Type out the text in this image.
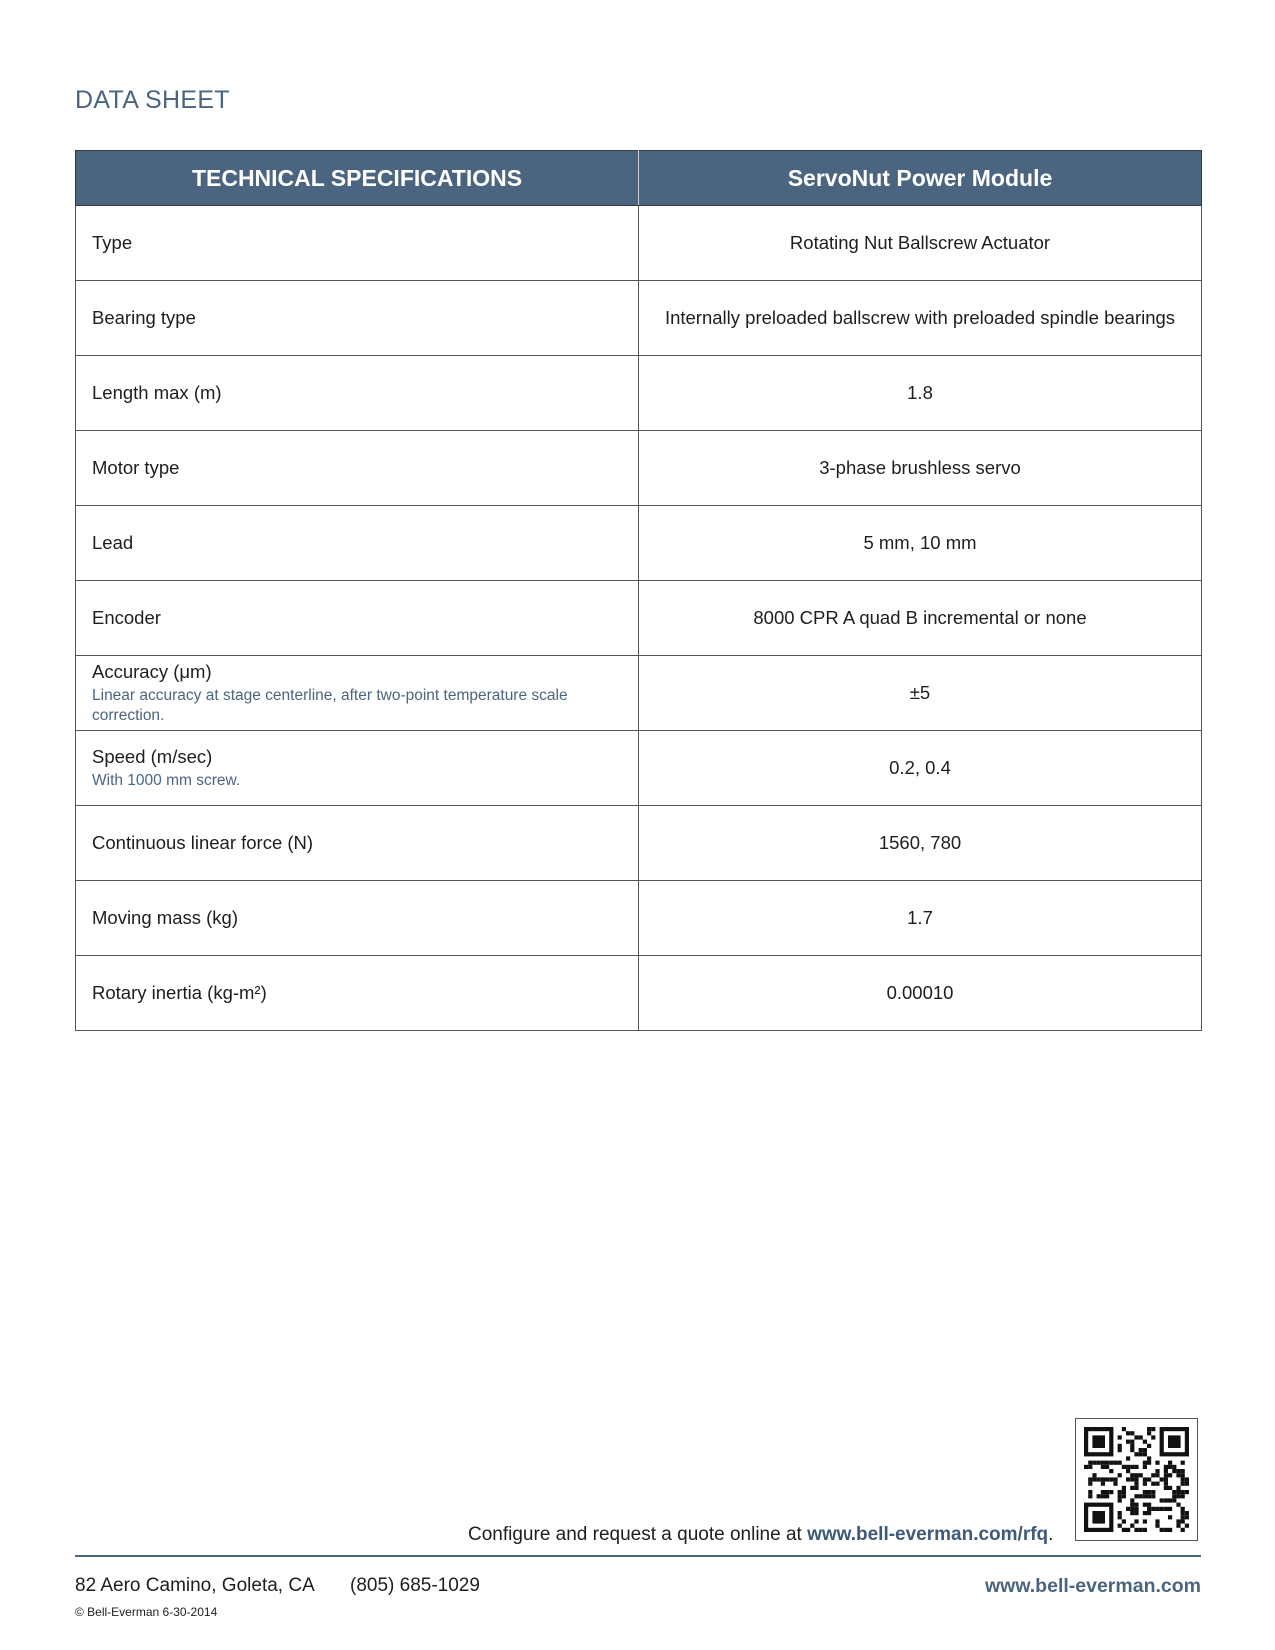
DATA SHEET
TECHNICAL SPECIFICATIONS	ServoNut Power Module
Type	Rotating Nut Ballscrew Actuator
Bearing type	Internally preloaded ballscrew with preloaded spindle bearings
Length max (m)	1.8
Motor type	3-phase brushless servo
Lead	5 mm, 10 mm
Encoder	8000 CPR A quad B incremental or none
Accuracy (μm)
Linear accuracy at stage centerline, after two-point temperature scale correction.	±5
Speed (m/sec)
With 1000 mm screw.	0.2, 0.4
Continuous linear force (N)	1560, 780
Moving mass (kg)	1.7
Rotary inertia (kg-m²)	0.00010
Configure and request a quote online at www.bell-everman.com/rfq.
82 Aero Camino, Goleta, CA (805) 685-1029	www.bell-everman.com
© Bell-Everman 6-30-2014
